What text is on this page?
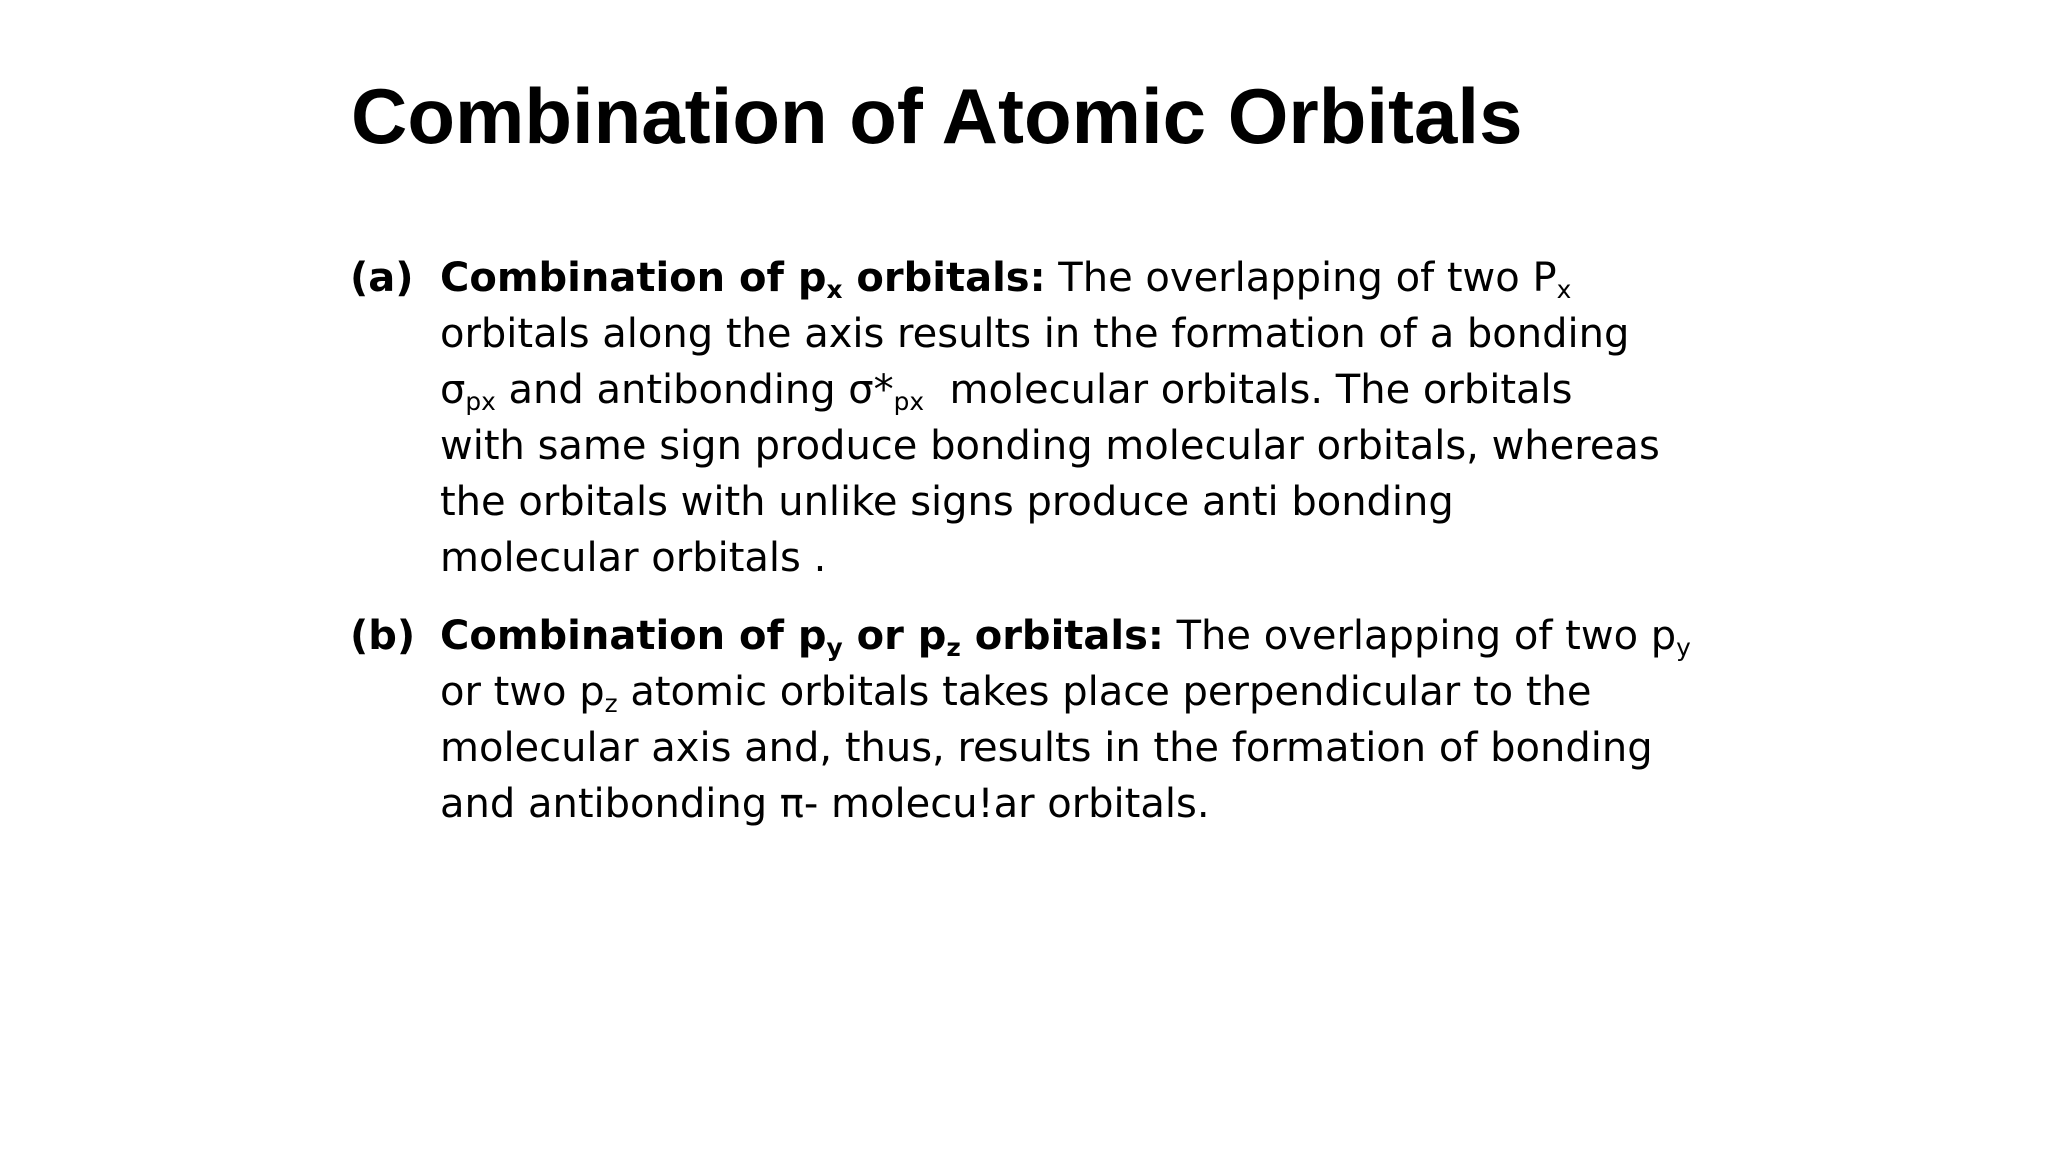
Combination of Atomic Orbitals
(a) Combination of $p_x$ orbitals: The overlapping of two $P_x$
orbitals along the axis results in the formation of a bonding
$\sigma_{px}$ and antibonding $\sigma*_{px}$  molecular orbitals. The orbitals
with same sign produce bonding molecular orbitals, whereas
the orbitals with unlike signs produce anti bonding
molecular orbitals .
(b) Combination of $p_y$ or $p_z$ orbitals: The overlapping of two $p_y$
or two $p_z$ atomic orbitals takes place perpendicular to the
molecular axis and, thus, results in the formation of bonding
and antibonding π- molecu!ar orbitals.
